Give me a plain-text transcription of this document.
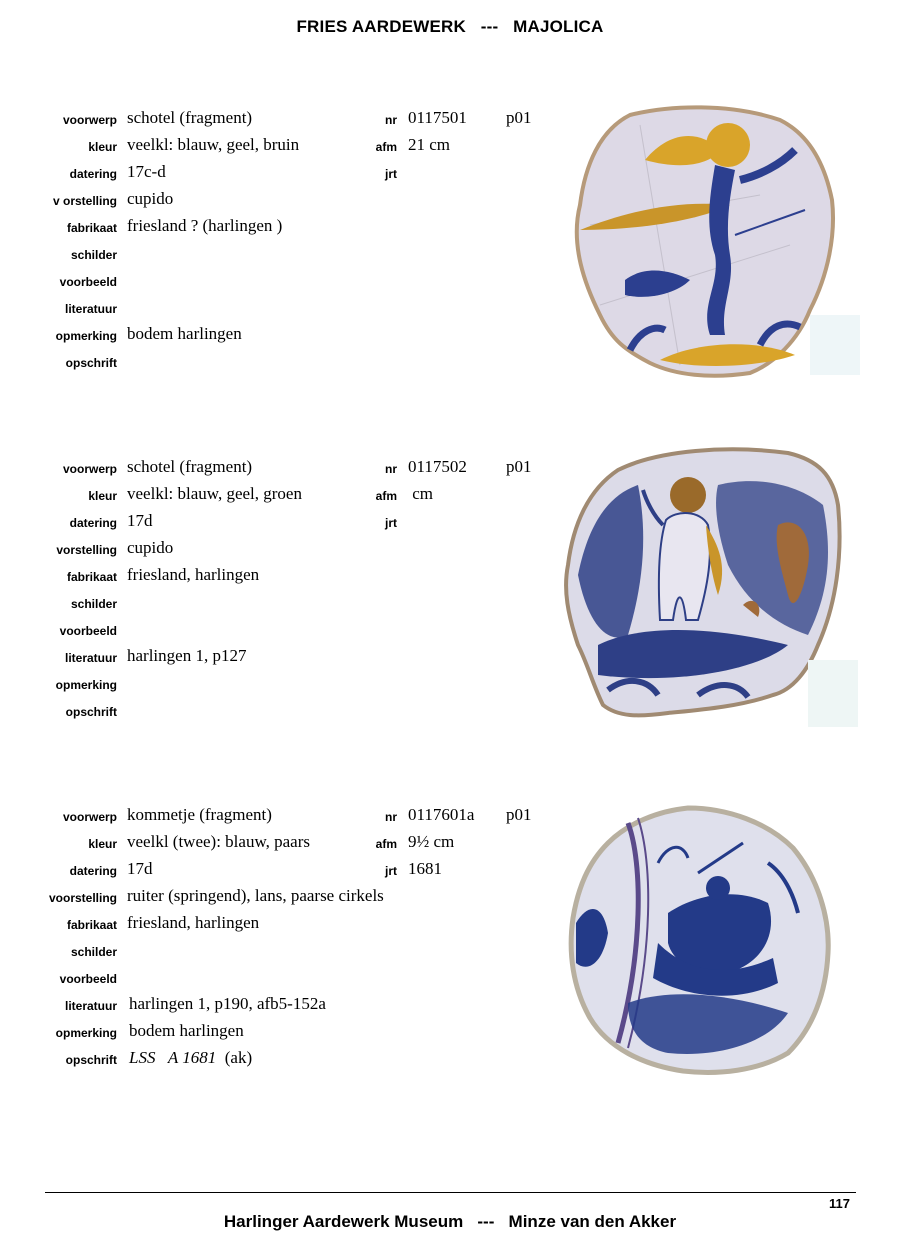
FRIES AARDEWERK   ---   MAJOLICA
voorwerp
kleur
datering
v orstelling
fabrikaat
schilder
voorbeeld
literatuur
opmerking
opschrift
schotel (fragment)
veelkl: blauw, geel, bruin
17c-d
cupido
friesland ? (harlingen )
bodem harlingen
nr
afm
jrt
0117501
21 cm
p01
voorwerp
kleur
datering
vorstelling
fabrikaat
schilder
voorbeeld
literatuur
opmerking
opschrift
schotel (fragment)
veelkl: blauw, geel, groen
17d
cupido
friesland, harlingen
harlingen 1, p127
nr
afm
jrt
0117502
cm
p01
voorwerp
kleur
datering
voorstelling
fabrikaat
schilder
voorbeeld
literatuur
opmerking
opschrift
kommetje (fragment)
veelkl (twee): blauw, paars
17d
ruiter (springend), lans, paarse cirkels
friesland, harlingen
harlingen 1, p190, afb5-152a
bodem harlingen
LSS   A 1681 (ak)
nr
afm
jrt
0117601a
9½ cm
1681
p01
117
Harlinger Aardewerk Museum   ---   Minze van den Akker
